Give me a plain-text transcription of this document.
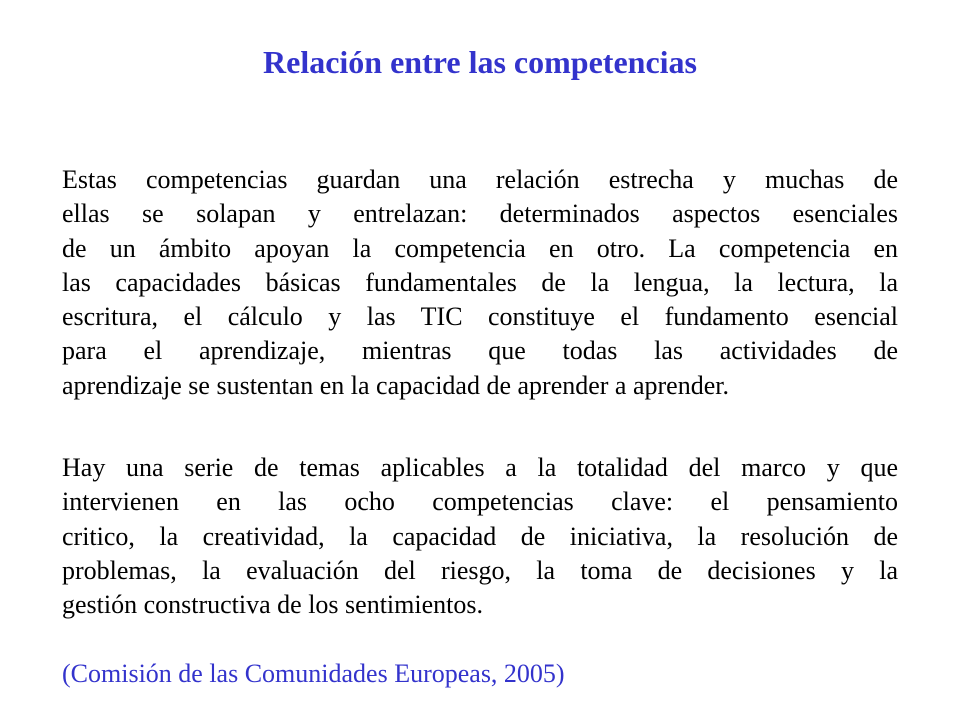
Relación entre las competencias
Estas competencias guardan una relación estrecha y muchas de
ellas se solapan y entrelazan: determinados aspectos esenciales
de un ámbito apoyan la competencia en otro. La competencia en
las capacidades básicas fundamentales de la lengua, la lectura, la
escritura, el cálculo y las TIC constituye el fundamento esencial
para el aprendizaje, mientras que todas las actividades de
aprendizaje se sustentan en la capacidad de aprender a aprender.
Hay una serie de temas aplicables a la totalidad del marco y que
intervienen en las ocho competencias clave: el pensamiento
critico, la creatividad, la capacidad de iniciativa, la resolución de
problemas, la evaluación del riesgo, la toma de decisiones y la
gestión constructiva de los sentimientos.
(Comisión de las Comunidades Europeas, 2005)
